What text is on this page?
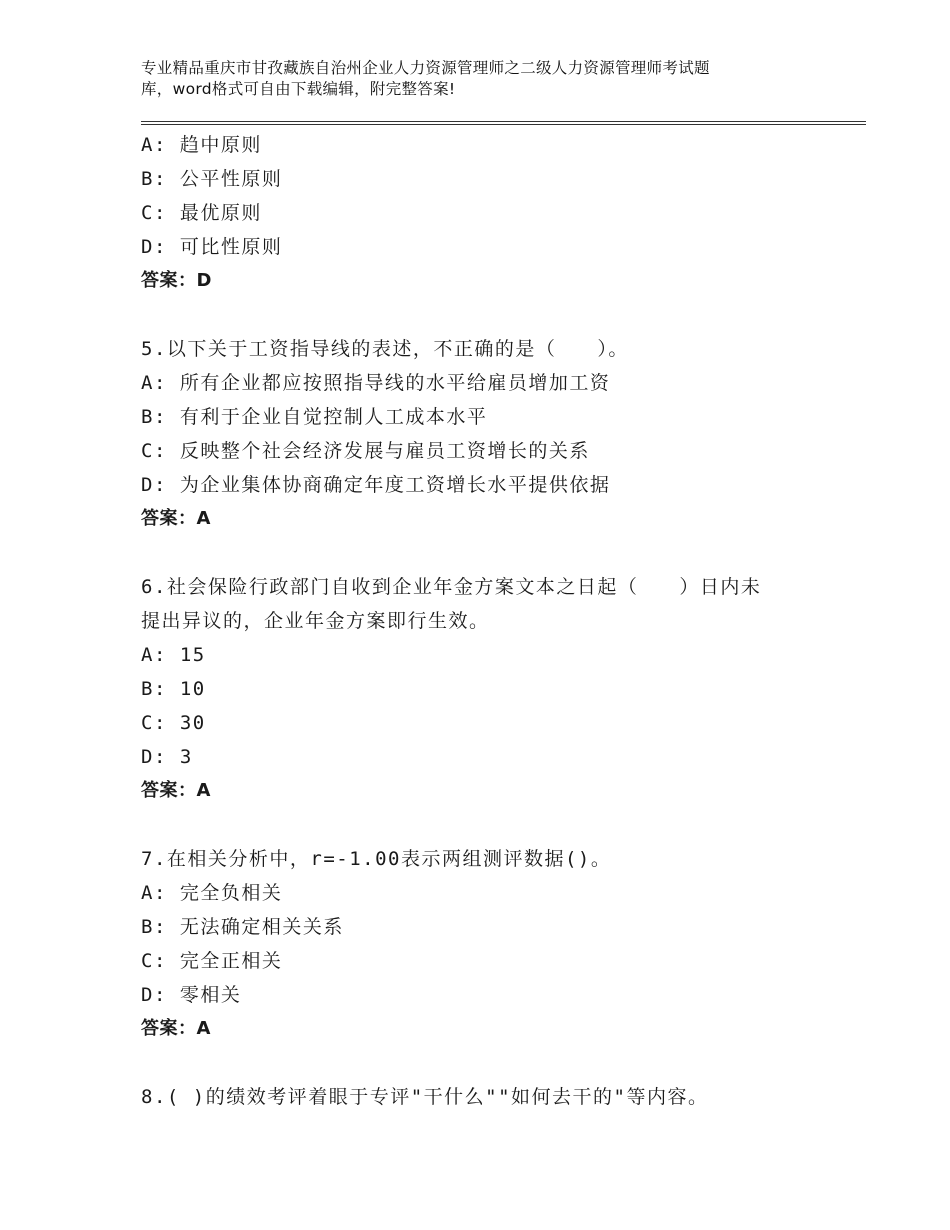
专业精品重庆市甘孜藏族自治州企业人力资源管理师之二级人力资源管理师考试题
库，word格式可自由下载编辑，附完整答案!
A: 趋中原则
B: 公平性原则
C: 最优原则
D: 可比性原则
答案：D
5.以下关于工资指导线的表述，不正确的是（　　）。
A: 所有企业都应按照指导线的水平给雇员增加工资
B: 有利于企业自觉控制人工成本水平
C: 反映整个社会经济发展与雇员工资增长的关系
D: 为企业集体协商确定年度工资增长水平提供依据
答案：A
6.社会保险行政部门自收到企业年金方案文本之日起（　　）日内未
提出异议的，企业年金方案即行生效。
A: 15
B: 10
C: 30
D: 3
答案：A
7.在相关分析中，r=-1.00表示两组测评数据()。
A: 完全负相关
B: 无法确定相关关系
C: 完全正相关
D: 零相关
答案：A
8.( )的绩效考评着眼于专评"干什么""如何去干的"等内容。
